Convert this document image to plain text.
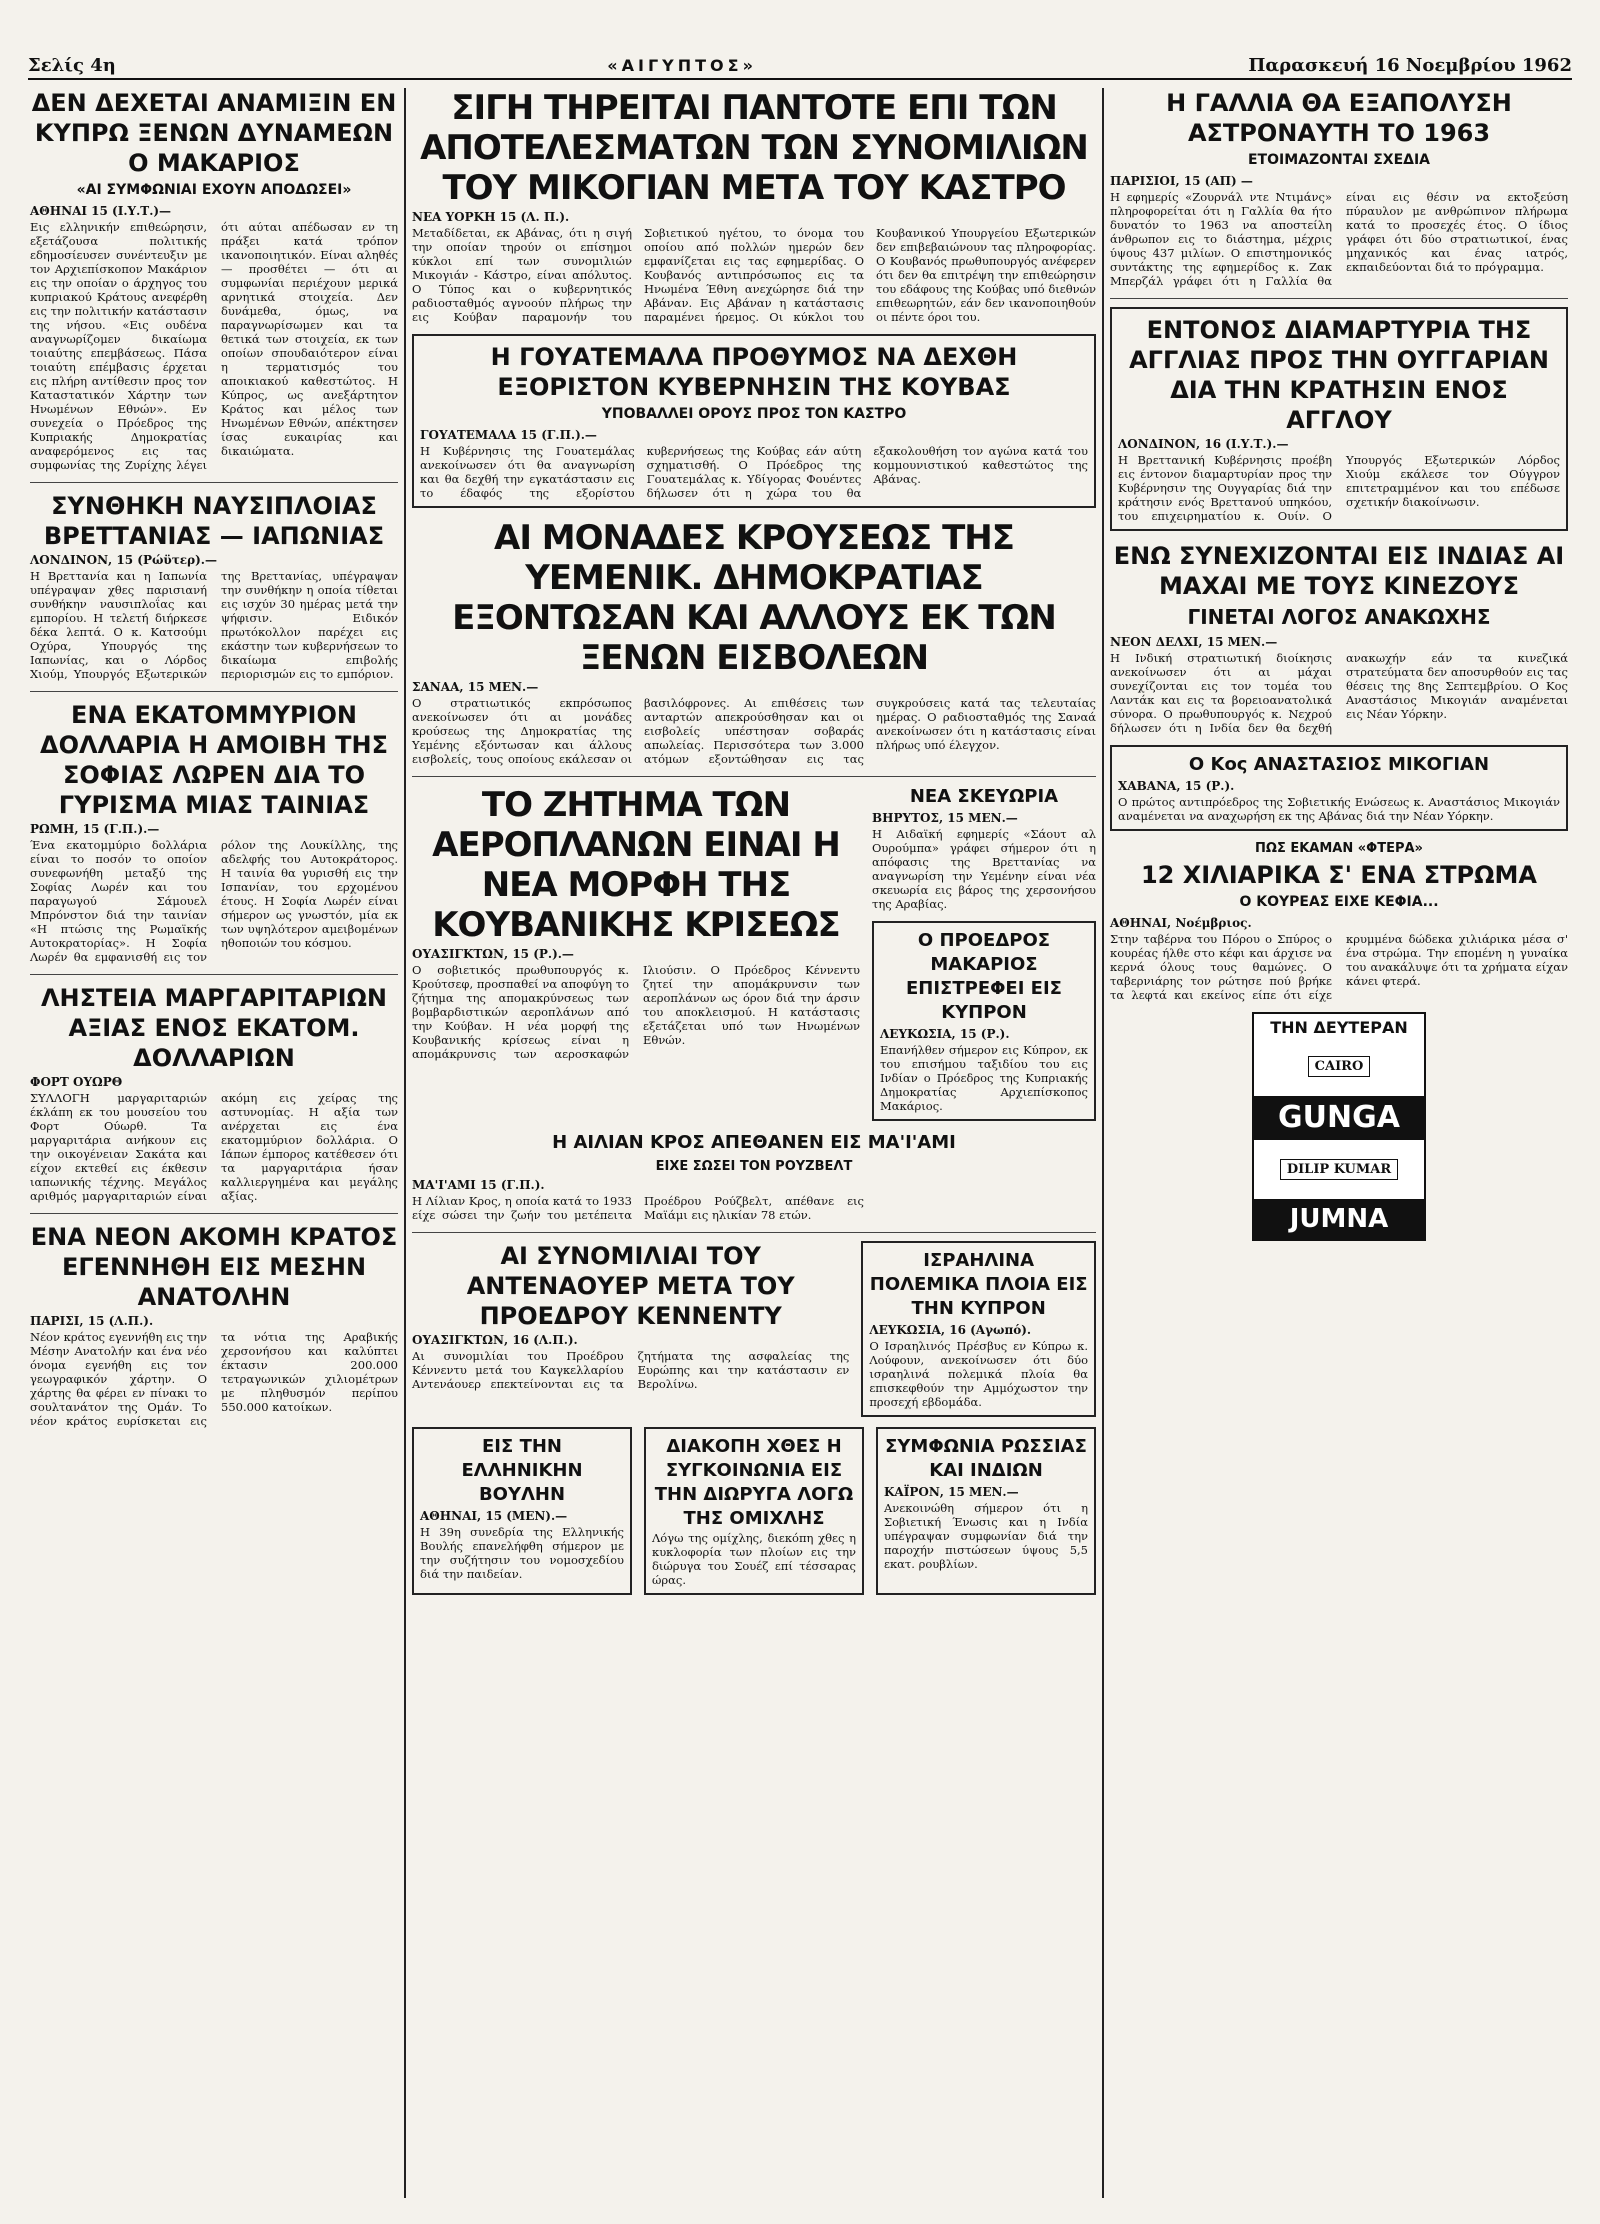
Σελίς 4η	«ΑΙΓΥΠΤΟΣ»	Παρασκευή 16 Νοεμβρίου 1962
ΔΕΝ ΔΕΧΕΤΑΙ ΑΝΑΜΙΞΙΝ ΕΝ ΚΥΠΡΩ ΞΕΝΩΝ ΔΥΝΑΜΕΩΝ Ο ΜΑΚΑΡΙΟΣ
«ΑΙ ΣΥΜΦΩΝΙΑΙ ΕΧΟΥΝ ΑΠΟΔΩΣΕΙ»
ΑΘΗΝΑΙ 15 (Ι.Υ.Τ.)—

Εις ελληνικήν επιθεώρησιν, εξετάζουσα πολιτικής εδημοσίευσεν συνέντευξιν με τον Αρχιεπίσκοπον Μακάριον εις την οποίαν ο άρχηγος του κυπριακού Κράτους ανεφέρθη εις την πολιτικήν κατάστασιν της νήσου. «Εις ουδένα αναγνωρίζομεν δικαίωμα τοιαύτης επεμβάσεως. Πάσα τοιαύτη επέμβασις έρχεται εις πλήρη αντίθεσιν προς τον Καταστατικόν Χάρτην των Ηνωμένων Εθνών». Εν συνεχεία ο Πρόεδρος της Κυπριακής Δημοκρατίας αναφερόμενος εις τας συμφωνίας της Ζυρίχης λέγει ότι αύται απέδωσαν εν τη πράξει κατά τρόπον ικανοποιητικόν. Είναι αληθές — προσθέτει — ότι αι συμφωνίαι περιέχουν μερικά αρνητικά στοιχεία. Δεν δυνάμεθα, όμως, να παραγνωρίσωμεν και τα θετικά των στοιχεία, εκ των οποίων σπουδαιότερον είναι η τερματισμός του αποικιακού καθεστώτος. Η Κύπρος, ως ανεξάρτητον Κράτος και μέλος των Ηνωμένων Εθνών, απέκτησεν ίσας ευκαιρίας και δικαιώματα.

ΣΥΝΘΗΚΗ ΝΑΥΣΙΠΛΟΙΑΣ ΒΡΕΤΤΑΝΙΑΣ — ΙΑΠΩΝΙΑΣ
ΛΟΝΔΙΝΟΝ, 15 (Ρώϋτερ).—

Η Βρεττανία και η Ιαπωνία υπέγραψαν χθες παρισιανή συνθήκην ναυσιπλοΐας και εμπορίου. Η τελετή διήρκεσε δέκα λεπτά. Ο κ. Κατσούμι Οχύρα, Υπουργός της Ιαπωνίας, και ο Λόρδος Χιούμ, Υπουργός Εξωτερικών της Βρεττανίας, υπέγραψαν την συνθήκην η οποία τίθεται εις ισχύν 30 ημέρας μετά την ψήφισιν. Ειδικόν πρωτόκολλον παρέχει εις εκάστην των κυβερνήσεων το δικαίωμα επιβολής περιορισμών εις το εμπόριον.

ΕΝΑ ΕΚΑΤΟΜΜΥΡΙΟΝ ΔΟΛΛΑΡΙΑ Η ΑΜΟΙΒΗ ΤΗΣ ΣΟΦΙΑΣ ΛΩΡΕΝ ΔΙΑ ΤΟ ΓΥΡΙΣΜΑ ΜΙΑΣ ΤΑΙΝΙΑΣ
ΡΩΜΗ, 15 (Γ.Π.).—

Ένα εκατομμύριο δολλάρια είναι το ποσόν το οποίον συνεφωνήθη μεταξύ της Σοφίας Λωρέν και του παραγωγού Σάμουελ Μπρόνστον διά την ταινίαν «Η πτώσις της Ρωμαϊκής Αυτοκρατορίας». Η Σοφία Λωρέν θα εμφανισθή εις τον ρόλον της Λουκίλλης, της αδελφής του Αυτοκράτορος. Η ταινία θα γυρισθή εις την Ισπανίαν, του ερχομένου έτους. Η Σοφία Λωρέν είναι σήμερον ως γνωστόν, μία εκ των υψηλότερον αμειβομένων ηθοποιών του κόσμου.

ΛΗΣΤΕΙΑ ΜΑΡΓΑΡΙΤΑΡΙΩΝ ΑΞΙΑΣ ΕΝΟΣ ΕΚΑΤΟΜ. ΔΟΛΛΑΡΙΩΝ
ΦΟΡΤ ΟΥΩΡΘ

ΣΥΛΛΟΓΗ μαργαριταριών έκλάπη εκ του μουσείου του Φορτ Ούωρθ. Τα μαργαριτάρια ανήκουν εις την οικογένειαν Σακάτα και είχον εκτεθεί εις έκθεσιν ιαπωνικής τέχνης. Μεγάλος αριθμός μαργαριταριών είναι ακόμη εις χείρας της αστυνομίας. Η αξία των ανέρχεται εις ένα εκατομμύριον δολλάρια. Ο Ιάπων έμπορος κατέθεσεν ότι τα μαργαριτάρια ήσαν καλλιεργημένα και μεγάλης αξίας.

ΕΝΑ ΝΕΟΝ ΑΚΟΜΗ ΚΡΑΤΟΣ ΕΓΕΝΝΗΘΗ ΕΙΣ ΜΕΣΗΝ ΑΝΑΤΟΛΗΝ
ΠΑΡΙΣΙ, 15 (Λ.Π.).

Νέον κράτος εγεννήθη εις την Μέσην Ανατολήν και ένα νέο όνομα εγενήθη εις τον γεωγραφικόν χάρτην. Ο χάρτης θα φέρει εν πίνακι το σουλτανάτον της Ομάν. Το νέον κράτος ευρίσκεται εις τα νότια της Αραβικής χερσονήσου και καλύπτει έκτασιν 200.000 τετραγωνικών χιλιομέτρων με πληθυσμόν περίπου 550.000 κατοίκων.

ΣΙΓΗ ΤΗΡΕΙΤΑΙ ΠΑΝΤΟΤΕ ΕΠΙ ΤΩΝ ΑΠΟΤΕΛΕΣΜΑΤΩΝ ΤΩΝ ΣΥΝΟΜΙΛΙΩΝ ΤΟΥ ΜΙΚΟΓΙΑΝ ΜΕΤΑ ΤΟΥ ΚΑΣΤΡΟ
ΝΕΑ ΥΟΡΚΗ 15 (Λ. Π.).

Μεταδίδεται, εκ Αβάνας, ότι η σιγή την οποίαν τηρούν οι επίσημοι κύκλοι επί των συνομιλιών Μικογιάν - Κάστρο, είναι απόλυτος. Ο Τύπος και ο κυβερνητικός ραδιοσταθμός αγνοούν πλήρως την εις Κούβαν παραμονήν του Σοβιετικού ηγέτου, το όνομα του οποίου από πολλών ημερών δεν εμφανίζεται εις τας εφημερίδας. Ο Κουβανός αντιπρόσωπος εις τα Ηνωμένα Έθνη ανεχώρησε διά την Αβάναν. Εις Αβάναν η κατάστασις παραμένει ήρεμος. Οι κύκλοι του Κουβανικού Υπουργείου Εξωτερικών δεν επιβεβαιώνουν τας πληροφορίας. Ο Κουβανός πρωθυπουργός ανέφερεν ότι δεν θα επιτρέψη την επιθεώρησιν του εδάφους της Κούβας υπό διεθνών επιθεωρητών, εάν δεν ικανοποιηθούν οι πέντε όροι του.

Η ΓΟΥΑΤΕΜΑΛΑ ΠΡΟΘΥΜΟΣ ΝΑ ΔΕΧΘΗ ΕΞΟΡΙΣΤΟΝ ΚΥΒΕΡΝΗΣΙΝ ΤΗΣ ΚΟΥΒΑΣ
ΥΠΟΒΑΛΛΕΙ ΟΡΟΥΣ ΠΡΟΣ ΤΟΝ ΚΑΣΤΡΟ
ΓΟΥΑΤΕΜΑΛΑ 15 (Γ.Π.).—

Η Κυβέρνησις της Γουατεμάλας ανεκοίνωσεν ότι θα αναγνωρίση και θα δεχθή την εγκατάστασιν εις το έδαφός της εξορίστου κυβερνήσεως της Κούβας εάν αύτη σχηματισθή. Ο Πρόεδρος της Γουατεμάλας κ. Υδίγορας Φουέντες δήλωσεν ότι η χώρα του θα εξακολουθήση τον αγώνα κατά του κομμουνιστικού καθεστώτος της Αβάνας.

ΑΙ ΜΟΝΑΔΕΣ ΚΡΟΥΣΕΩΣ ΤΗΣ ΥΕΜΕΝΙΚ. ΔΗΜΟΚΡΑΤΙΑΣ ΕΞΟΝΤΩΣΑΝ ΚΑΙ ΑΛΛΟΥΣ ΕΚ ΤΩΝ ΞΕΝΩΝ ΕΙΣΒΟΛΕΩΝ
ΣΑΝΑΑ, 15 ΜΕΝ.—

Ο στρατιωτικός εκπρόσωπος ανεκοίνωσεν ότι αι μονάδες κρούσεως της Δημοκρατίας της Υεμένης εξόντωσαν και άλλους εισβολείς, τους οποίους εκάλεσαν οι βασιλόφρονες. Αι επιθέσεις των ανταρτών απεκρούσθησαν και οι εισβολείς υπέστησαν σοβαράς απωλείας. Περισσότερα των 3.000 ατόμων εξοντώθησαν εις τας συγκρούσεις κατά τας τελευταίας ημέρας. Ο ραδιοσταθμός της Σαναά ανεκοίνωσεν ότι η κατάστασις είναι πλήρως υπό έλεγχον.

ΤΟ ΖΗΤΗΜΑ ΤΩΝ ΑΕΡΟΠΛΑΝΩΝ ΕΙΝΑΙ Η ΝΕΑ ΜΟΡΦΗ ΤΗΣ ΚΟΥΒΑΝΙΚΗΣ ΚΡΙΣΕΩΣ
ΟΥΑΣΙΓΚΤΩΝ, 15 (Ρ.).—

Ο σοβιετικός πρωθυπουργός κ. Κρούτσεφ, προσπαθεί να αποφύγη το ζήτημα της απομακρύνσεως των βομβαρδιστικών αεροπλάνων από την Κούβαν. Η νέα μορφή της Κουβανικής κρίσεως είναι η απομάκρυνσις των αεροσκαφών Ιλιούσιν. Ο Πρόεδρος Κέννεντυ ζητεί την απομάκρυνσιν των αεροπλάνων ως όρον διά την άρσιν του αποκλεισμού. Η κατάστασις εξετάζεται υπό των Ηνωμένων Εθνών.

ΝΕΑ ΣΚΕΥΩΡΙΑ
ΒΗΡΥΤΟΣ, 15 ΜΕΝ.—

Η Αιδαϊκή εφημερίς «Σάουτ αλ Ουρούμπα» γράφει σήμερον ότι η απόφασις της Βρεττανίας να αναγνωρίση την Υεμένην είναι νέα σκευωρία εις βάρος της χερσονήσου της Αραβίας.

Ο ΠΡΟΕΔΡΟΣ ΜΑΚΑΡΙΟΣ ΕΠΙΣΤΡΕΦΕΙ ΕΙΣ ΚΥΠΡΟΝ
ΛΕΥΚΩΣΙΑ, 15 (Ρ.).

Επανήλθεν σήμερον εις Κύπρον, εκ του επισήμου ταξιδίου του εις Ινδίαν ο Πρόεδρος της Κυπριακής Δημοκρατίας Αρχιεπίσκοπος Μακάριος.

Η ΑΙΛΙΑΝ ΚΡΟΣ ΑΠΕΘΑΝΕΝ ΕΙΣ ΜΑ'Ι'ΑΜΙ
ΕΙΧΕ ΣΩΣΕΙ ΤΟΝ ΡΟΥΖΒΕΛΤ
ΜΑ'Ι'ΑΜΙ 15 (Γ.Π.).

Η Λίλιαν Κρος, η οποία κατά το 1933 είχε σώσει την ζωήν του μετέπειτα Προέδρου Ρούζβελτ, απέθανε εις Μαϊάμι εις ηλικίαν 78 ετών.

ΑΙ ΣΥΝΟΜΙΛΙΑΙ ΤΟΥ ΑΝΤΕΝΑΟΥΕΡ ΜΕΤΑ ΤΟΥ ΠΡΟΕΔΡΟΥ ΚΕΝΝΕΝΤΥ
ΟΥΑΣΙΓΚΤΩΝ, 16 (Λ.Π.).

Αι συνομιλίαι του Προέδρου Κέννεντυ μετά του Καγκελλαρίου Αντενάουερ επεκτείνονται εις τα ζητήματα της ασφαλείας της Ευρώπης και την κατάστασιν εν Βερολίνω.

ΙΣΡΑΗΛΙΝΑ ΠΟΛΕΜΙΚΑ ΠΛΟΙΑ ΕΙΣ ΤΗΝ ΚΥΠΡΟΝ
ΛΕΥΚΩΣΙΑ, 16 (Αγωπό).

Ο Ισραηλινός Πρέσβυς εν Κύπρω κ. Λούφουν, ανεκοίνωσεν ότι δύο ισραηλινά πολεμικά πλοία θα επισκεφθούν την Αμμόχωστον την προσεχή εβδομάδα.

ΕΙΣ ΤΗΝ ΕΛΛΗΝΙΚΗΝ ΒΟΥΛΗΝ
ΑΘΗΝΑΙ, 15 (ΜΕΝ).—

Η 39η συνεδρία της Ελληνικής Βουλής επανελήφθη σήμερον με την συζήτησιν του νομοσχεδίου διά την παιδείαν.

ΔΙΑΚΟΠΗ ΧΘΕΣ Η ΣΥΓΚΟΙΝΩΝΙΑ ΕΙΣ ΤΗΝ ΔΙΩΡΥΓΑ ΛΟΓΩ ΤΗΣ ΟΜΙΧΛΗΣ

Λόγω της ομίχλης, διεκόπη χθες η κυκλοφορία των πλοίων εις την διώρυγα του Σουέζ επί τέσσαρας ώρας.

ΣΥΜΦΩΝΙΑ ΡΩΣΣΙΑΣ ΚΑΙ ΙΝΔΙΩΝ
ΚΑΪΡΟΝ, 15 ΜΕΝ.—

Ανεκοινώθη σήμερον ότι η Σοβιετική Ένωσις και η Ινδία υπέγραψαν συμφωνίαν διά την παροχήν πιστώσεων ύψους 5,5 εκατ. ρουβλίων.

Η ΓΑΛΛΙΑ ΘΑ ΕΞΑΠΟΛΥΣΗ ΑΣΤΡΟΝΑΥΤΗ ΤΟ 1963
ΕΤΟΙΜΑΖΟΝΤΑΙ ΣΧΕΔΙΑ
ΠΑΡΙΣΙΟΙ, 15 (ΑΠ) —

Η εφημερίς «Ζουρνάλ ντε Ντιμάνς» πληροφορείται ότι η Γαλλία θα ήτο δυνατόν το 1963 να αποστείλη άνθρωπον εις το διάστημα, μέχρις ύψους 437 μιλίων. Ο επιστημονικός συντάκτης της εφημερίδος κ. Ζακ Μπερζάλ γράφει ότι η Γαλλία θα είναι εις θέσιν να εκτοξεύση πύραυλον με ανθρώπινον πλήρωμα κατά το προσεχές έτος. Ο ίδιος γράφει ότι δύο στρατιωτικοί, ένας μηχανικός και ένας ιατρός, εκπαιδεύονται διά το πρόγραμμα.

ΕΝΤΟΝΟΣ ΔΙΑΜΑΡΤΥΡΙΑ ΤΗΣ ΑΓΓΛΙΑΣ ΠΡΟΣ ΤΗΝ ΟΥΓΓΑΡΙΑΝ ΔΙΑ ΤΗΝ ΚΡΑΤΗΣΙΝ ΕΝΟΣ ΑΓΓΛΟΥ
ΛΟΝΔΙΝΟΝ, 16 (Ι.Υ.Τ.).—

Η Βρεττανική Κυβέρνησις προέβη εις έντονον διαμαρτυρίαν προς την Κυβέρνησιν της Ουγγαρίας διά την κράτησιν ενός Βρεττανού υπηκόου, του επιχειρηματίου κ. Ουίν. Ο Υπουργός Εξωτερικών Λόρδος Χιούμ εκάλεσε τον Ούγγρον επιτετραμμένον και του επέδωσε σχετικήν διακοίνωσιν.

ΕΝΩ ΣΥΝΕΧΙΖΟΝΤΑΙ ΕΙΣ ΙΝΔΙΑΣ ΑΙ ΜΑΧΑΙ ΜΕ ΤΟΥΣ ΚΙΝΕΖΟΥΣ
ΓΙΝΕΤΑΙ ΛΟΓΟΣ ΑΝΑΚΩΧΗΣ
ΝΕΟΝ ΔΕΛΧΙ, 15 ΜΕΝ.—

Η Ινδική στρατιωτική διοίκησις ανεκοίνωσεν ότι αι μάχαι συνεχίζονται εις τον τομέα του Λαντάκ και εις τα βορειοανατολικά σύνορα. Ο πρωθυπουργός κ. Νεχρού δήλωσεν ότι η Ινδία δεν θα δεχθή ανακωχήν εάν τα κινεζικά στρατεύματα δεν αποσυρθούν εις τας θέσεις της 8ης Σεπτεμβρίου. Ο Κος Αναστάσιος Μικογιάν αναμένεται εις Νέαν Υόρκην.

Ο Κος ΑΝΑΣΤΑΣΙΟΣ ΜΙΚΟΓΙΑΝ
ΧΑΒΑΝΑ, 15 (Ρ.).

Ο πρώτος αντιπρόεδρος της Σοβιετικής Ενώσεως κ. Αναστάσιος Μικογιάν αναμένεται να αναχωρήση εκ της Αβάνας διά την Νέαν Υόρκην.

ΠΩΣ ΕΚΑΜΑΝ «ΦΤΕΡΑ»
12 ΧΙΛΙΑΡΙΚΑ Σ' ΕΝΑ ΣΤΡΩΜΑ
Ο ΚΟΥΡΕΑΣ ΕΙΧΕ ΚΕΦΙΑ...
ΑΘΗΝΑΙ, Νοέμβριος.

Στην ταβέρνα του Πόρου ο Σπύρος ο κουρέας ήλθε στο κέφι και άρχισε να κερνά όλους τους θαμώνες. Ο ταβερνιάρης τον ρώτησε πού βρήκε τα λεφτά και εκείνος είπε ότι είχε κρυμμένα δώδεκα χιλιάρικα μέσα σ' ένα στρώμα. Την επομένη η γυναίκα του ανακάλυψε ότι τα χρήματα είχαν κάνει φτερά.

ΤΗΝ ΔΕΥΤΕΡΑΝ
CAIRO
GUNGA
DILIP KUMAR
JUMNA
